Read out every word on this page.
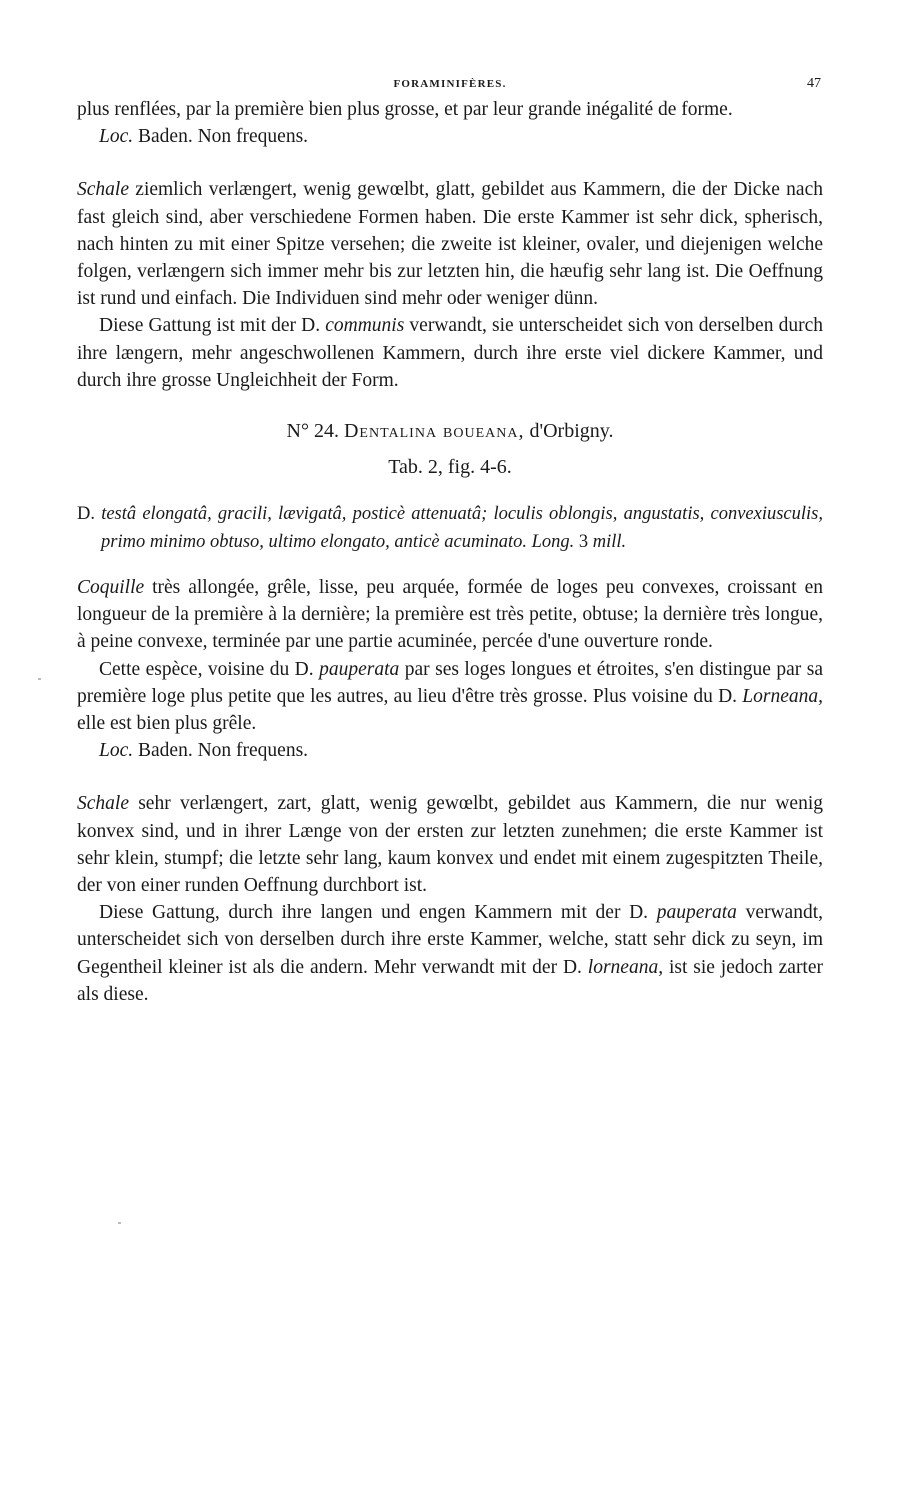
FORAMINIFÈRES.	47

plus renflées, par la première bien plus grosse, et par leur grande inégalité de forme.

Loc. Baden. Non frequens.

Schale ziemlich verlængert, wenig gewœlbt, glatt, gebildet aus Kammern, die der Dicke nach fast gleich sind, aber verschiedene Formen haben. Die erste Kammer ist sehr dick, spherisch, nach hinten zu mit einer Spitze versehen; die zweite ist kleiner, ovaler, und diejenigen welche folgen, verlængern sich immer mehr bis zur letzten hin, die hæufig sehr lang ist. Die Oeffnung ist rund und einfach. Die Individuen sind mehr oder weniger dünn.

Diese Gattung ist mit der D. communis verwandt, sie unterscheidet sich von derselben durch ihre længern, mehr angeschwollenen Kammern, durch ihre erste viel dickere Kammer, und durch ihre grosse Ungleichheit der Form.

N° 24. Dentalina boueana, d'Orbigny.

Tab. 2, fig. 4-6.

D. testâ elongatâ, gracili, lævigatâ, posticè attenuatâ; loculis oblongis, angustatis, convexiusculis, primo minimo obtuso, ultimo elongato, anticè acuminato. Long. 3 mill.

Coquille très allongée, grêle, lisse, peu arquée, formée de loges peu convexes, croissant en longueur de la première à la dernière; la première est très petite, obtuse; la dernière très longue, à peine convexe, terminée par une partie acuminée, percée d'une ouverture ronde.

Cette espèce, voisine du D. pauperata par ses loges longues et étroites, s'en distingue par sa première loge plus petite que les autres, au lieu d'être très grosse. Plus voisine du D. Lorneana, elle est bien plus grêle.

Loc. Baden. Non frequens.

Schale sehr verlængert, zart, glatt, wenig gewœlbt, gebildet aus Kammern, die nur wenig konvex sind, und in ihrer Længe von der ersten zur letzten zunehmen; die erste Kammer ist sehr klein, stumpf; die letzte sehr lang, kaum konvex und endet mit einem zugespitzten Theile, der von einer runden Oeffnung durchbort ist.

Diese Gattung, durch ihre langen und engen Kammern mit der D. pauperata verwandt, unterscheidet sich von derselben durch ihre erste Kammer, welche, statt sehr dick zu seyn, im Gegentheil kleiner ist als die andern. Mehr verwandt mit der D. lorneana, ist sie jedoch zarter als diese.
